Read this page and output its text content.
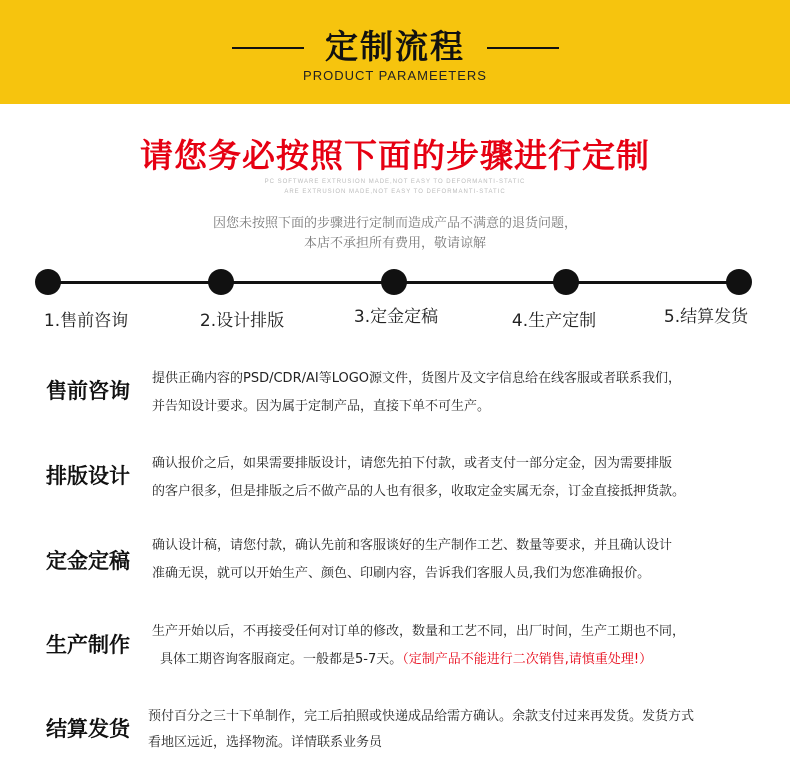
定制流程
PRODUCT PARAMEETERS
请您务必按照下面的步骤进行定制
PC SOFTWARE EXTRUSION MADE,NOT EASY TO DEFORMANTI-STATIC
ARE EXTRUSION MADE,NOT EASY TO DEFORMANTI-STATIC
因您未按照下面的步骤进行定制而造成产品不满意的退货问题，
本店不承担所有费用，敬请谅解
1.售前咨询	2.设计排版	3.定金定稿	4.生产定制	5.结算发货
售前咨询
提供正确内容的PSD/CDR/AI等LOGO源文件，货图片及文字信息给在线客服或者联系我们，
并告知设计要求。因为属于定制产品，直接下单不可生产。
排版设计
确认报价之后，如果需要排版设计，请您先拍下付款，或者支付一部分定金，因为需要排版
的客户很多，但是排版之后不做产品的人也有很多，收取定金实属无奈，订金直接抵押货款。
定金定稿
确认设计稿，请您付款，确认先前和客服谈好的生产制作工艺、数量等要求，并且确认设计
准确无误，就可以开始生产、颜色、印刷内容，告诉我们客服人员,我们为您准确报价。
生产制作
生产开始以后，不再接受任何对订单的修改，数量和工艺不同，出厂时间，生产工期也不同，
具体工期咨询客服商定。一般都是5-7天。（定制产品不能进行二次销售,请慎重处理!）
结算发货
预付百分之三十下单制作，完工后拍照或快递成品给需方确认。余款支付过来再发货。发货方式
看地区远近，选择物流。详情联系业务员
